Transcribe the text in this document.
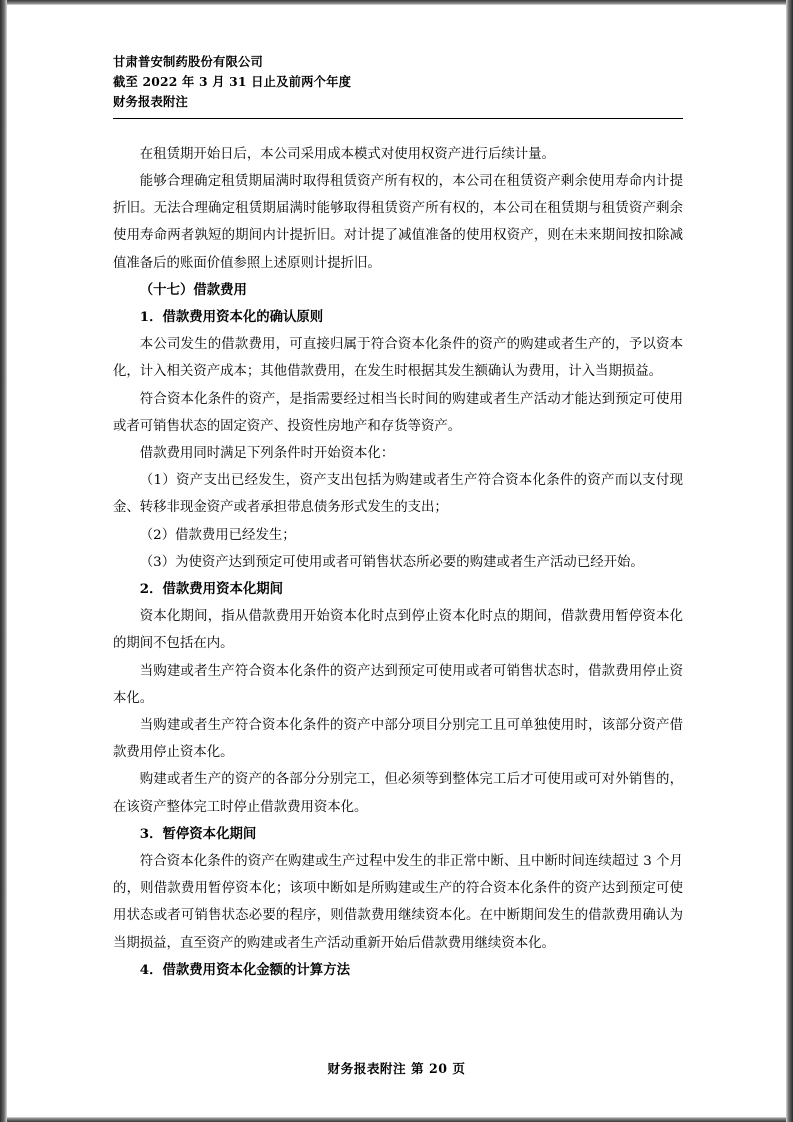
甘肃普安制药股份有限公司
截至 2022 年 3 月 31 日止及前两个年度
财务报表附注

在租赁期开始日后，本公司采用成本模式对使用权资产进行后续计量。

能够合理确定租赁期届满时取得租赁资产所有权的，本公司在租赁资产剩余使用寿命内计提折旧。无法合理确定租赁期届满时能够取得租赁资产所有权的，本公司在租赁期与租赁资产剩余使用寿命两者孰短的期间内计提折旧。对计提了减值准备的使用权资产，则在未来期间按扣除减值准备后的账面价值参照上述原则计提折旧。

（十七）借款费用

1．借款费用资本化的确认原则

本公司发生的借款费用，可直接归属于符合资本化条件的资产的购建或者生产的，予以资本化，计入相关资产成本；其他借款费用，在发生时根据其发生额确认为费用，计入当期损益。

符合资本化条件的资产，是指需要经过相当长时间的购建或者生产活动才能达到预定可使用或者可销售状态的固定资产、投资性房地产和存货等资产。

借款费用同时满足下列条件时开始资本化：

（1）资产支出已经发生，资产支出包括为购建或者生产符合资本化条件的资产而以支付现金、转移非现金资产或者承担带息债务形式发生的支出；

（2）借款费用已经发生；

（3）为使资产达到预定可使用或者可销售状态所必要的购建或者生产活动已经开始。

2．借款费用资本化期间

资本化期间，指从借款费用开始资本化时点到停止资本化时点的期间，借款费用暂停资本化的期间不包括在内。

当购建或者生产符合资本化条件的资产达到预定可使用或者可销售状态时，借款费用停止资本化。

当购建或者生产符合资本化条件的资产中部分项目分别完工且可单独使用时，该部分资产借款费用停止资本化。

购建或者生产的资产的各部分分别完工，但必须等到整体完工后才可使用或可对外销售的，在该资产整体完工时停止借款费用资本化。

3．暂停资本化期间

符合资本化条件的资产在购建或生产过程中发生的非正常中断、且中断时间连续超过 3 个月的，则借款费用暂停资本化；该项中断如是所购建或生产的符合资本化条件的资产达到预定可使用状态或者可销售状态必要的程序，则借款费用继续资本化。在中断期间发生的借款费用确认为当期损益，直至资产的购建或者生产活动重新开始后借款费用继续资本化。

4．借款费用资本化金额的计算方法

财务报表附注 第 20 页
